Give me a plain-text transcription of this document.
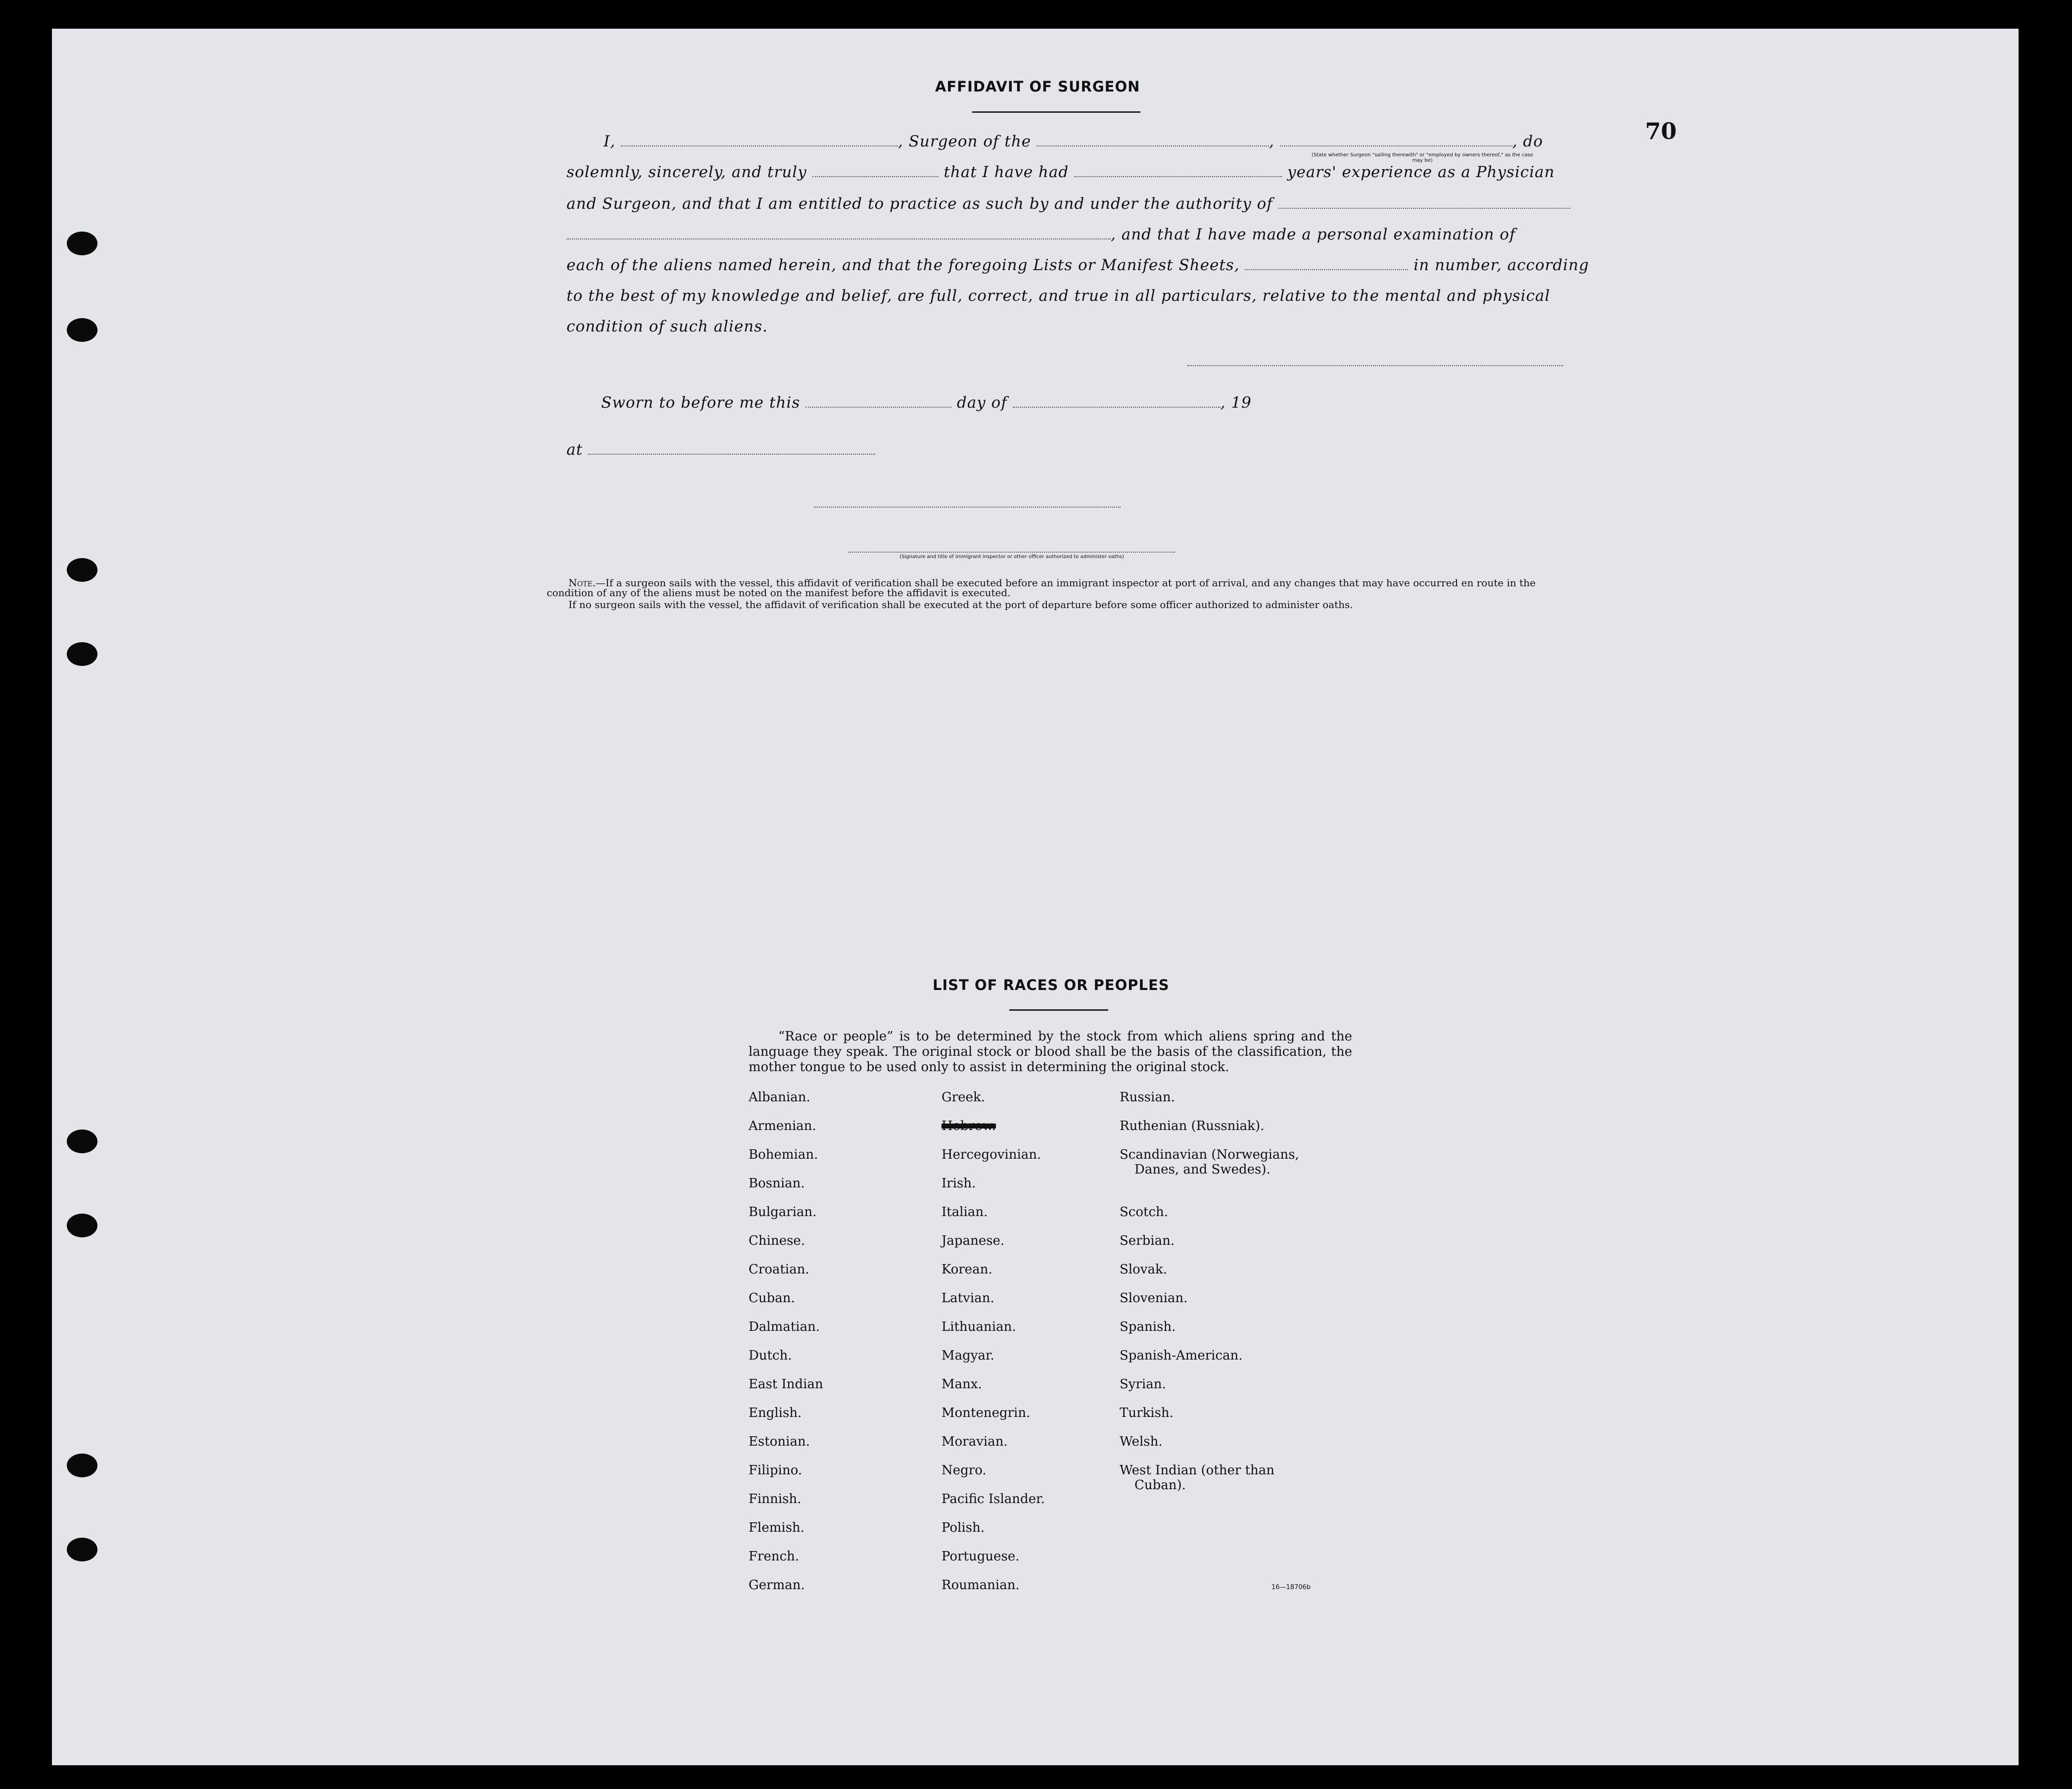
70
AFFIDAVIT OF SURGEON
I,	, Surgeon of the	,	, do
(State whether Surgeon "sailing therewith" or "employed by owners thereof," as the case may be)
solemnly, sincerely, and truly	that I have had	years' experience as a Physician
and Surgeon, and that I am entitled to practice as such by and under the authority of
, and that I have made a personal examination of
each of the aliens named herein, and that the foregoing Lists or Manifest Sheets,	in number, according
to the best of my knowledge and belief, are full, correct, and true in all particulars, relative to the mental and physical
condition of such aliens.
Sworn to before me this	day of	, 19
at
(Signature and title of immigrant inspector or other officer authorized to administer oaths)
Note.—If a surgeon sails with the vessel, this affidavit of verification shall be executed before an immigrant inspector at port of arrival, and any changes that may have occurred en route in the condition of any of the aliens must be noted on the manifest before the affidavit is executed.
If no surgeon sails with the vessel, the affidavit of verification shall be executed at the port of departure before some officer authorized to administer oaths.
LIST OF RACES OR PEOPLES
“Race or people” is to be determined by the stock from which aliens spring and the language they speak. The original stock or blood shall be the basis of the classification, the mother tongue to be used only to assist in determining the original stock.
Albanian.
Armenian.
Bohemian.
Bosnian.
Bulgarian.
Chinese.
Croatian.
Cuban.
Dalmatian.
Dutch.
East Indian
English.
Estonian.
Filipino.
Finnish.
Flemish.
French.
German.
Greek.
Hebrew.
Hercegovinian.
Irish.
Italian.
Japanese.
Korean.
Latvian.
Lithuanian.
Magyar.
Manx.
Montenegrin.
Moravian.
Negro.
Pacific Islander.
Polish.
Portuguese.
Roumanian.
Russian.
Ruthenian (Russniak).
Scandinavian (Norwegians,
Danes, and Swedes).
Scotch.
Serbian.
Slovak.
Slovenian.
Spanish.
Spanish-American.
Syrian.
Turkish.
Welsh.
West Indian (other than
Cuban).
16—18706b
